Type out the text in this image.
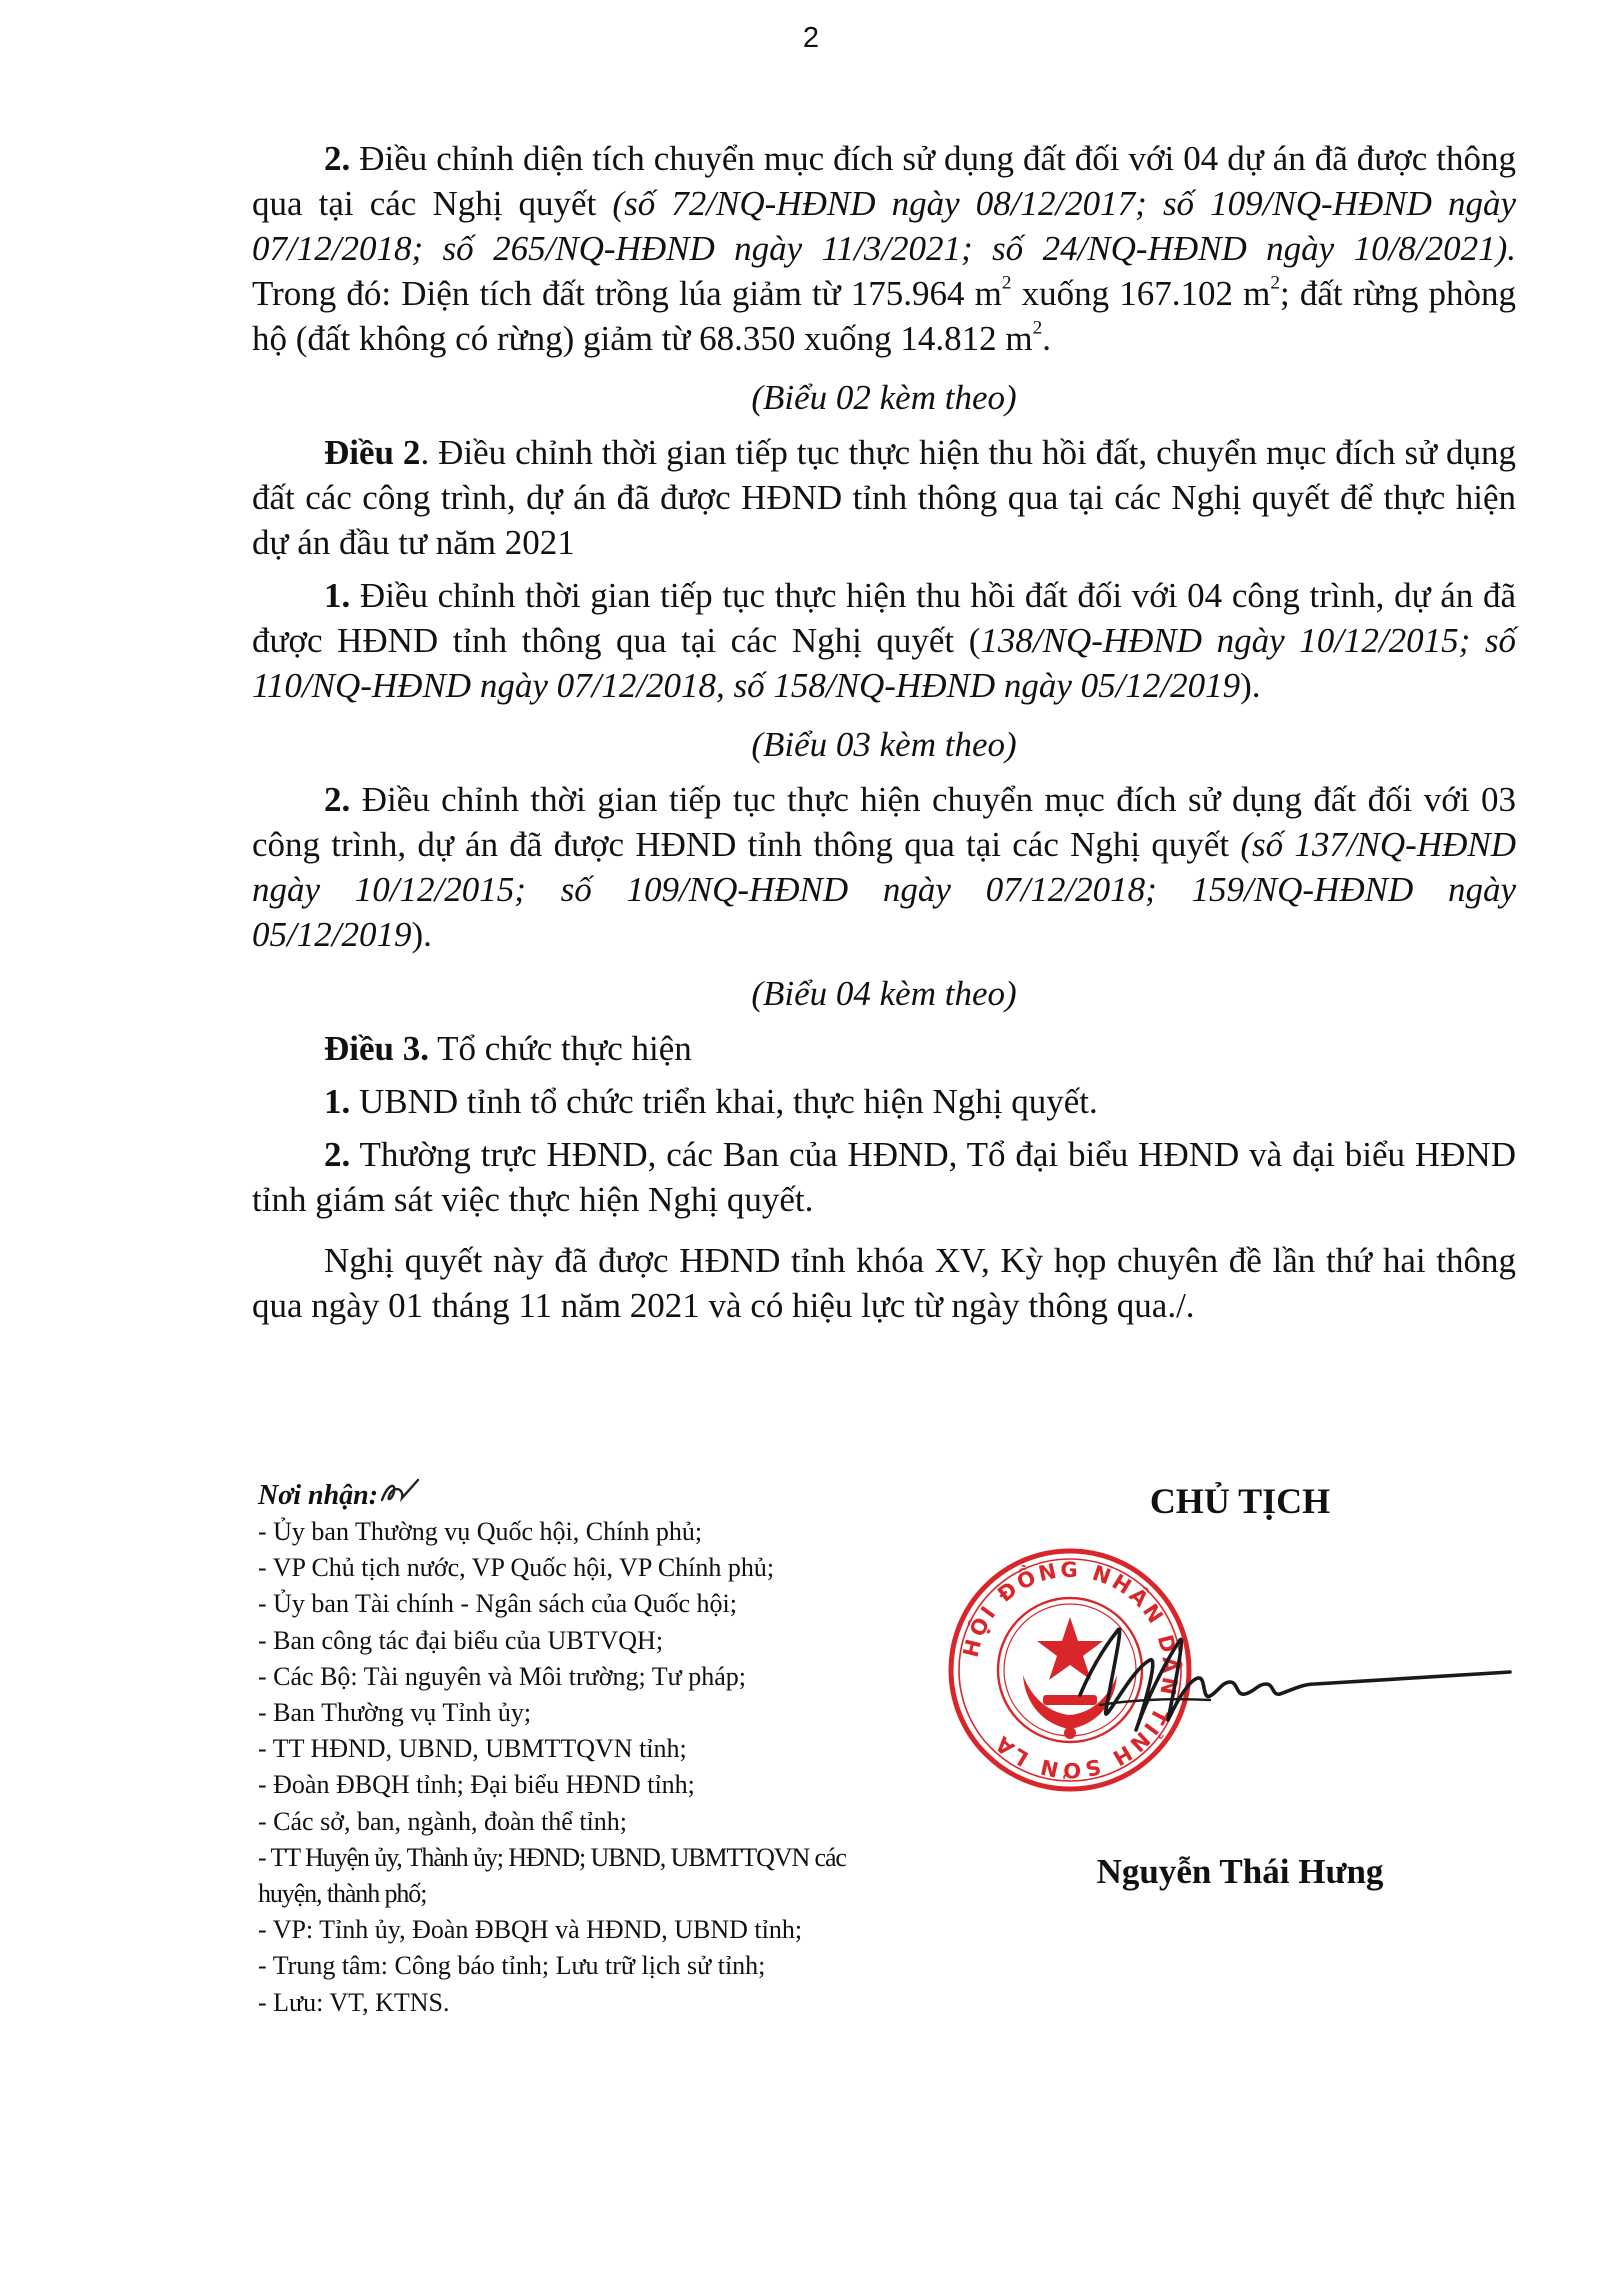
2

2. Điều chỉnh diện tích chuyển mục đích sử dụng đất đối với 04 dự án đã được thông qua tại các Nghị quyết (số 72/NQ-HĐND ngày 08/12/2017; số 109/NQ-HĐND ngày 07/12/2018; số 265/NQ-HĐND ngày 11/3/2021; số 24/NQ-HĐND ngày 10/8/2021). Trong đó: Diện tích đất trồng lúa giảm từ 175.964 $m^2$ xuống 167.102 $m^2$; đất rừng phòng hộ (đất không có rừng) giảm từ 68.350 xuống 14.812 $m^2$.

(Biểu 02 kèm theo)

Điều 2. Điều chỉnh thời gian tiếp tục thực hiện thu hồi đất, chuyển mục đích sử dụng đất các công trình, dự án đã được HĐND tỉnh thông qua tại các Nghị quyết để thực hiện dự án đầu tư năm 2021

1. Điều chỉnh thời gian tiếp tục thực hiện thu hồi đất đối với 04 công trình, dự án đã được HĐND tỉnh thông qua tại các Nghị quyết (138/NQ-HĐND ngày 10/12/2015; số 110/NQ-HĐND ngày 07/12/2018, số 158/NQ-HĐND ngày 05/12/2019).

(Biểu 03 kèm theo)

2. Điều chỉnh thời gian tiếp tục thực hiện chuyển mục đích sử dụng đất đối với 03 công trình, dự án đã được HĐND tỉnh thông qua tại các Nghị quyết (số 137/NQ-HĐND ngày 10/12/2015; số 109/NQ-HĐND ngày 07/12/2018; 159/NQ-HĐND ngày 05/12/2019).

(Biểu 04 kèm theo)

Điều 3. Tổ chức thực hiện

1. UBND tỉnh tổ chức triển khai, thực hiện Nghị quyết.

2. Thường trực HĐND, các Ban của HĐND, Tổ đại biểu HĐND và đại biểu HĐND tỉnh giám sát việc thực hiện Nghị quyết.

Nghị quyết này đã được HĐND tỉnh khóa XV, Kỳ họp chuyên đề lần thứ hai thông qua ngày 01 tháng 11 năm 2021 và có hiệu lực từ ngày thông qua./.

Nơi nhận:
- Ủy ban Thường vụ Quốc hội, Chính phủ;
- VP Chủ tịch nước, VP Quốc hội, VP Chính phủ;
- Ủy ban Tài chính - Ngân sách của Quốc hội;
- Ban công tác đại biểu của UBTVQH;
- Các Bộ: Tài nguyên và Môi trường; Tư pháp;
- Ban Thường vụ Tỉnh ủy;
- TT HĐND, UBND, UBMTTQVN tỉnh;
- Đoàn ĐBQH tỉnh; Đại biểu HĐND tỉnh;
- Các sở, ban, ngành, đoàn thể tỉnh;
- TT Huyện ủy, Thành ủy; HĐND; UBND, UBMTTQVN các
huyện, thành phố;
- VP: Tỉnh ủy, Đoàn ĐBQH và HĐND, UBND tỉnh;
- Trung tâm: Công báo tỉnh; Lưu trữ lịch sử tỉnh;
- Lưu: VT, KTNS.
CHỦ TỊCH
HỘI ĐỒNG NHÂN DÂN TỈNH SƠN LA
Nguyễn Thái Hưng
